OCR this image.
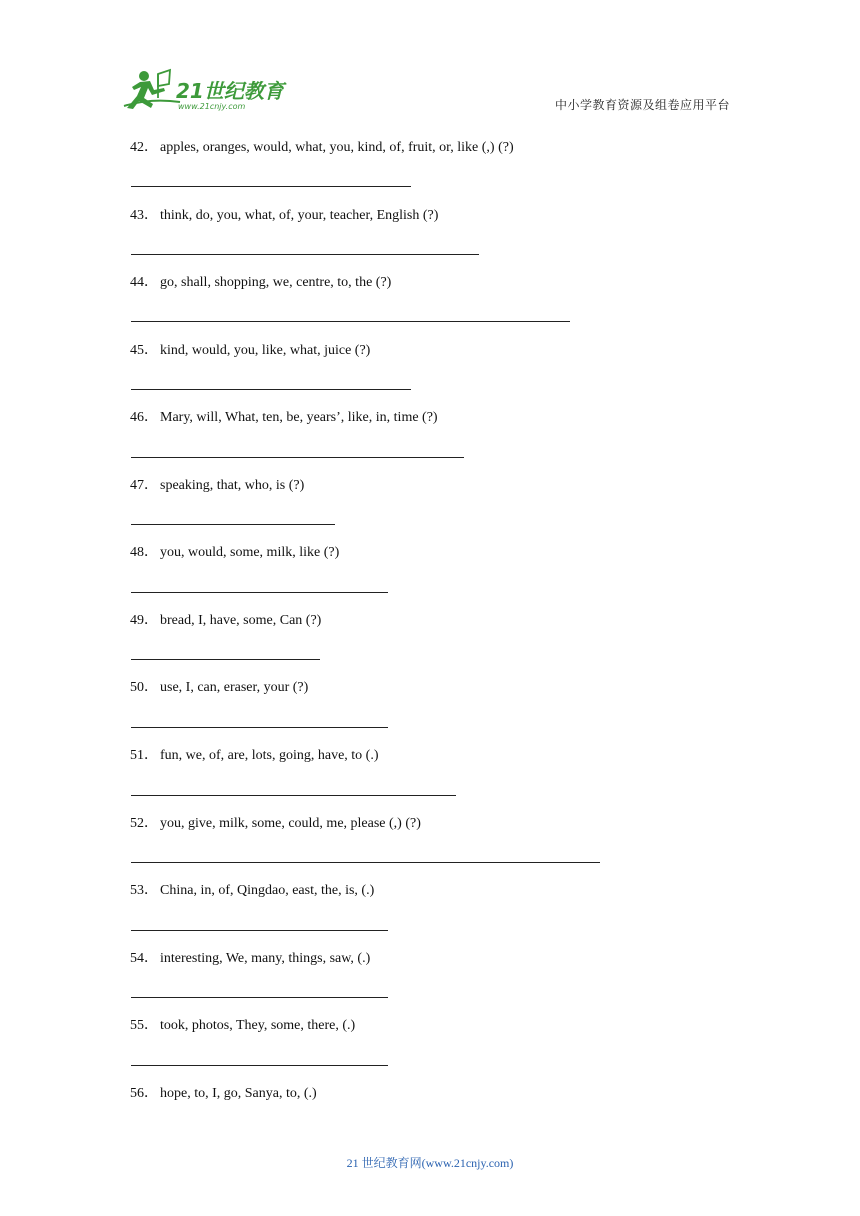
21世纪教育
www.21cnjy.com	中小学教育资源及组卷应用平台
42． apples, oranges, would, what, you, kind, of, fruit, or, like (,) (?)
43． think, do, you, what, of, your, teacher, English (?)
44． go, shall, shopping, we, centre, to, the (?)
45． kind, would, you, like, what, juice (?)
46． Mary, will, What, ten, be, years’, like, in, time (?)
47． speaking, that, who, is (?)
48． you, would, some, milk, like (?)
49． bread, I, have, some, Can (?)
50． use, I, can, eraser, your (?)
51． fun, we, of, are, lots, going, have, to (.)
52． you, give, milk, some, could, me, please (,) (?)
53． China, in, of, Qingdao, east, the, is, (.)
54． interesting, We, many, things, saw, (.)
55． took, photos, They, some, there, (.)
56． hope, to, I, go, Sanya, to, (.)
21 世纪教育网(www.21cnjy.com)
